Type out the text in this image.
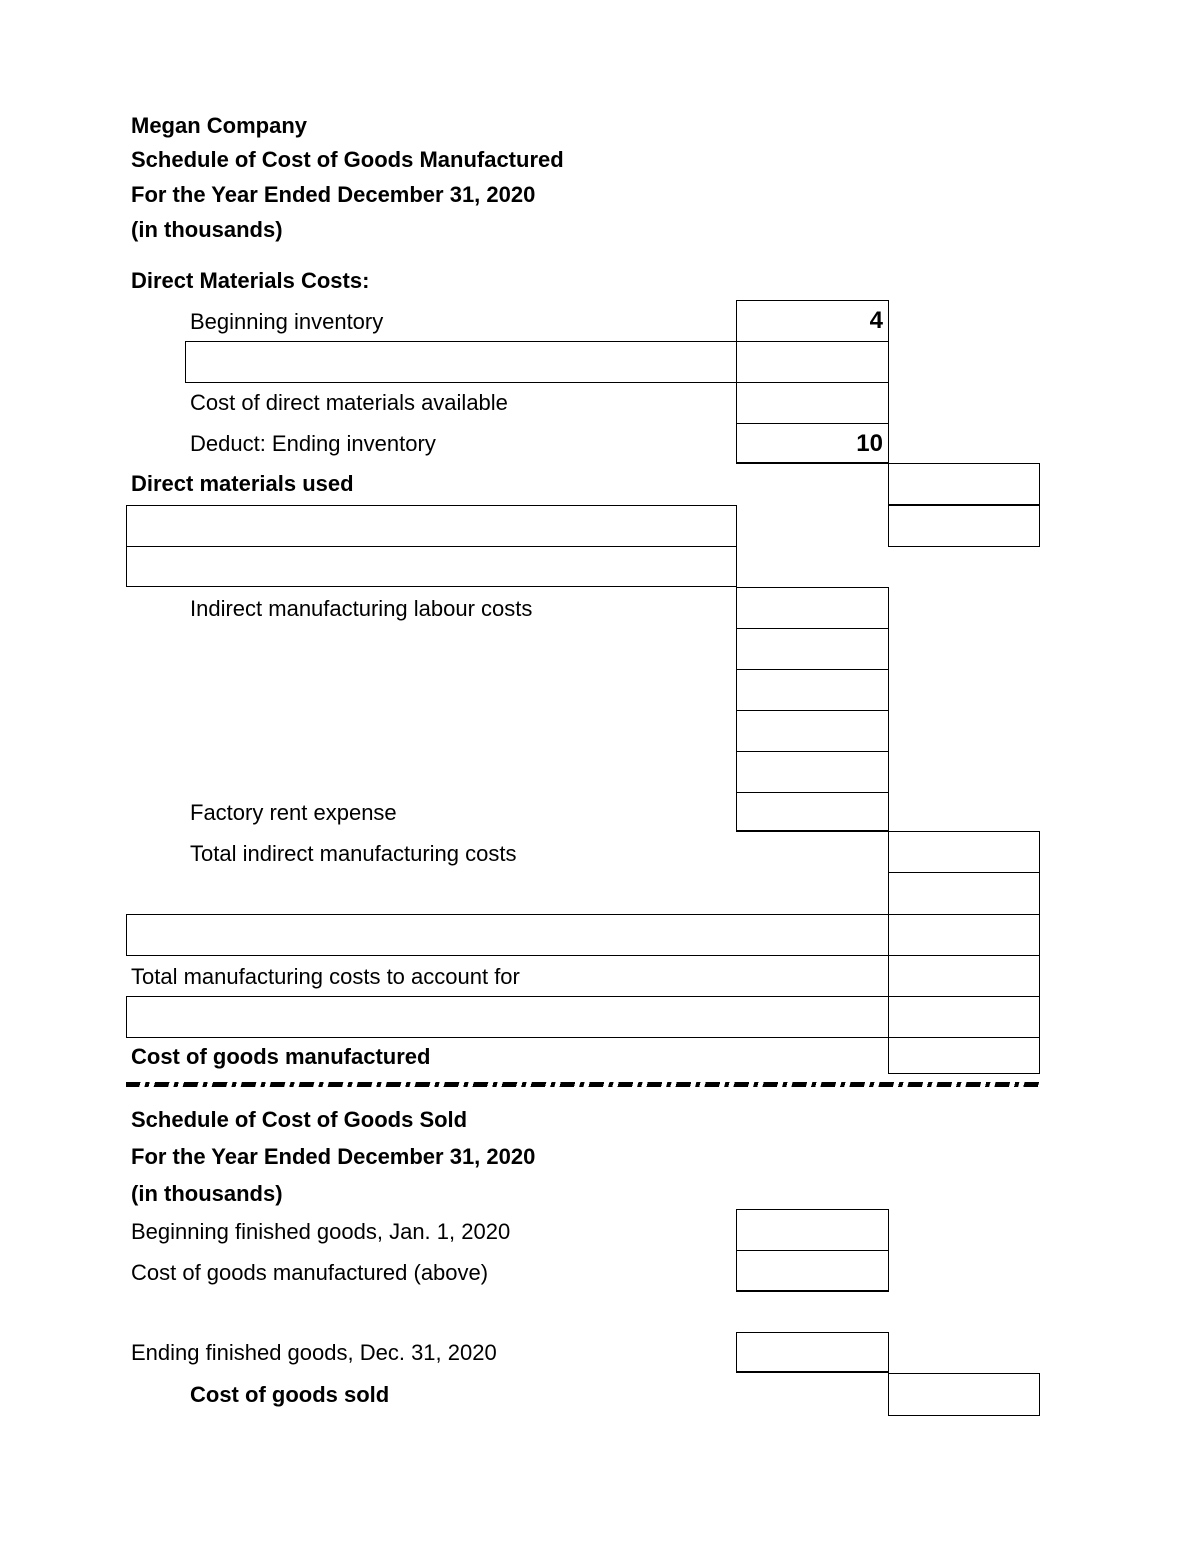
Megan Company
Schedule of Cost of Goods Manufactured
For the Year Ended December 31, 2020
(in thousands)
Direct Materials Costs:
Beginning inventory	4
Cost of direct materials available
Deduct: Ending inventory	10
Direct materials used
Indirect manufacturing labour costs
Factory rent expense
Total indirect manufacturing costs
Total manufacturing costs to account for
Cost of goods manufactured
Schedule of Cost of Goods Sold
For the Year Ended December 31, 2020
(in thousands)
Beginning finished goods, Jan. 1, 2020
Cost of goods manufactured (above)
Ending finished goods, Dec. 31, 2020
Cost of goods sold
